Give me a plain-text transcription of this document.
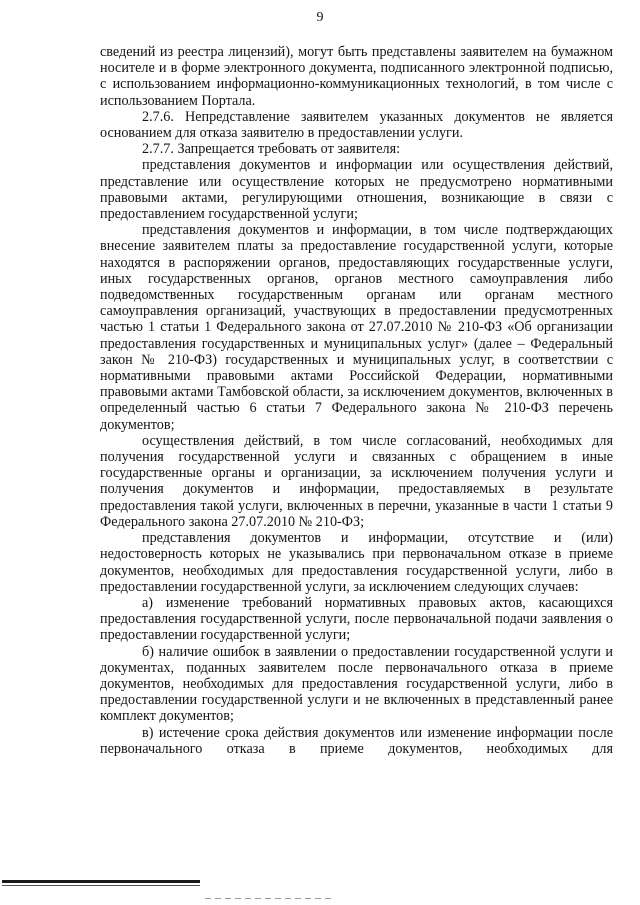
9

сведений из реестра лицензий), могут быть представлены заявителем на бумажном носителе и в форме электронного документа, подписанного электронной подписью, с использованием информационно-коммуникационных технологий, в том числе с использованием Портала.

2.7.6. Непредставление заявителем указанных документов не является основанием для отказа заявителю в предоставлении услуги.

2.7.7. Запрещается требовать от заявителя:

представления документов и информации или осуществления действий, представление или осуществление которых не предусмотрено нормативными правовыми актами, регулирующими отношения, возникающие в связи с предоставлением государственной услуги;

представления документов и информации, в том числе подтверждающих внесение заявителем платы за предоставление государственной услуги, которые находятся в распоряжении органов, предоставляющих государственные услуги, иных государственных органов, органов местного самоуправления либо подведомственных государственным органам или органам местного самоуправления организаций, участвующих в предоставлении предусмотренных частью 1 статьи 1 Федерального закона от 27.07.2010 № 210-ФЗ «Об организации предоставления государственных и муниципальных услуг» (далее – Федеральный закон № 210-ФЗ) государственных и муниципальных услуг, в соответствии с нормативными правовыми актами Российской Федерации, нормативными правовыми актами Тамбовской области, за исключением документов, включенных в определенный частью 6 статьи 7 Федерального закона № 210-ФЗ перечень документов;

осуществления действий, в том числе согласований, необходимых для получения государственной услуги и связанных с обращением в иные государственные органы и организации, за исключением получения услуги и получения документов и информации, предоставляемых в результате предоставления такой услуги, включенных в перечни, указанные в части 1 статьи 9 Федерального закона 27.07.2010 № 210-ФЗ;

представления документов и информации, отсутствие и (или) недостоверность которых не указывались при первоначальном отказе в приеме документов, необходимых для предоставления государственной услуги, либо в предоставлении государственной услуги, за исключением следующих случаев:

а) изменение требований нормативных правовых актов, касающихся предоставления государственной услуги, после первоначальной подачи заявления о предоставлении государственной услуги;

б) наличие ошибок в заявлении о предоставлении государственной услуги и документах, поданных заявителем после первоначального отказа в приеме документов, необходимых для предоставления государственной услуги, либо в предоставлении государственной услуги и не включенных в представленный ранее комплект документов;

в) истечение срока действия документов или изменение информации после первоначального отказа в приеме документов, необходимых для
